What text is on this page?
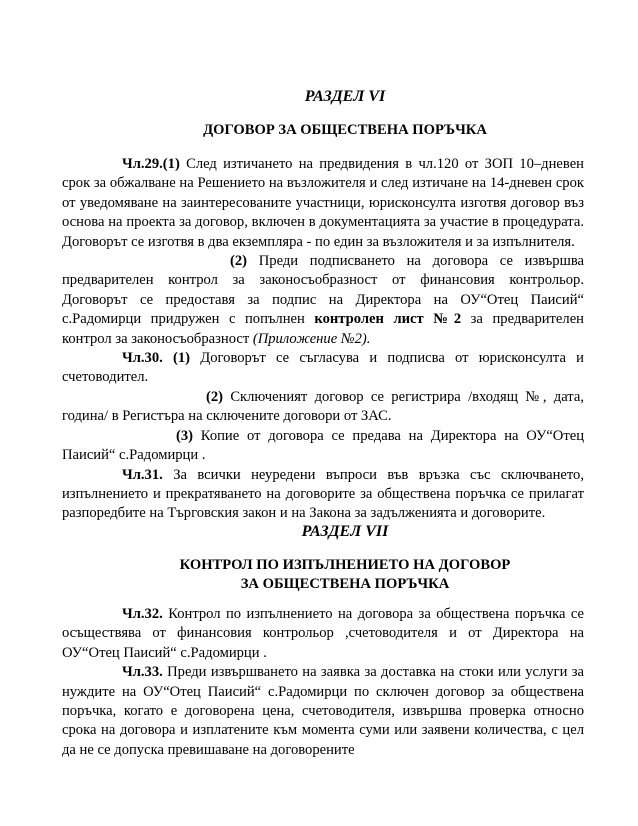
РАЗДЕЛ VI
ДОГОВОР ЗА ОБЩЕСТВЕНА ПОРЪЧКА

Чл.29.(1) След изтичането на предвидения в чл.120 от ЗОП 10–дневен срок за обжалване на Решението на възложителя и след изтичане на 14-дневен срок от уведомяване на заинтересованите участници, юрисконсулта изготвя договор въз основа на проекта за договор, включен в документацията за участие в процедурата. Договорът се изготвя в два екземпляра - по един за възложителя и за изпълнителя.

(2) Преди подписването на договора се извършва предварителен контрол за законосъобразност от финансовия контрольор. Договорът се предоставя за подпис на Директора на ОУ“Отец Паисий“ с.Радомирци придружен с попълнен контролен лист №2 за предварителен контрол за законосъобразност (Приложение №2).

Чл.30. (1) Договорът се съгласува и подписва от юрисконсулта и счетоводител.

(2) Сключеният договор се регистрира /входящ №, дата, година/ в Регистъра на сключените договори от ЗАС.

(3) Копие от договора се предава на Директора на ОУ“Отец Паисий“ с.Радомирци .

Чл.31. За всички неуредени въпроси във връзка със сключването, изпълнението и прекратяването на договорите за обществена поръчка се прилагат разпоредбите на Търговския закон и на Закона за задълженията и договорите.

РАЗДЕЛ VII
КОНТРОЛ ПО ИЗПЪЛНЕНИЕТО НА ДОГОВОР
ЗА ОБЩЕСТВЕНА ПОРЪЧКА

Чл.32. Контрол по изпълнението на договора за обществена поръчка се осъществява от финансовия контрольор ,счетоводителя и от Директора на ОУ“Отец Паисий“ с.Радомирци .

Чл.33. Преди извършването на заявка за доставка на стоки или услуги за нуждите на ОУ“Отец Паисий“ с.Радомирци по сключен договор за обществена поръчка, когато е договорена цена, счетоводителя, извършва проверка относно срока на договора и изплатените към момента суми или заявени количества, с цел да не се допуска превишаване на договорените
